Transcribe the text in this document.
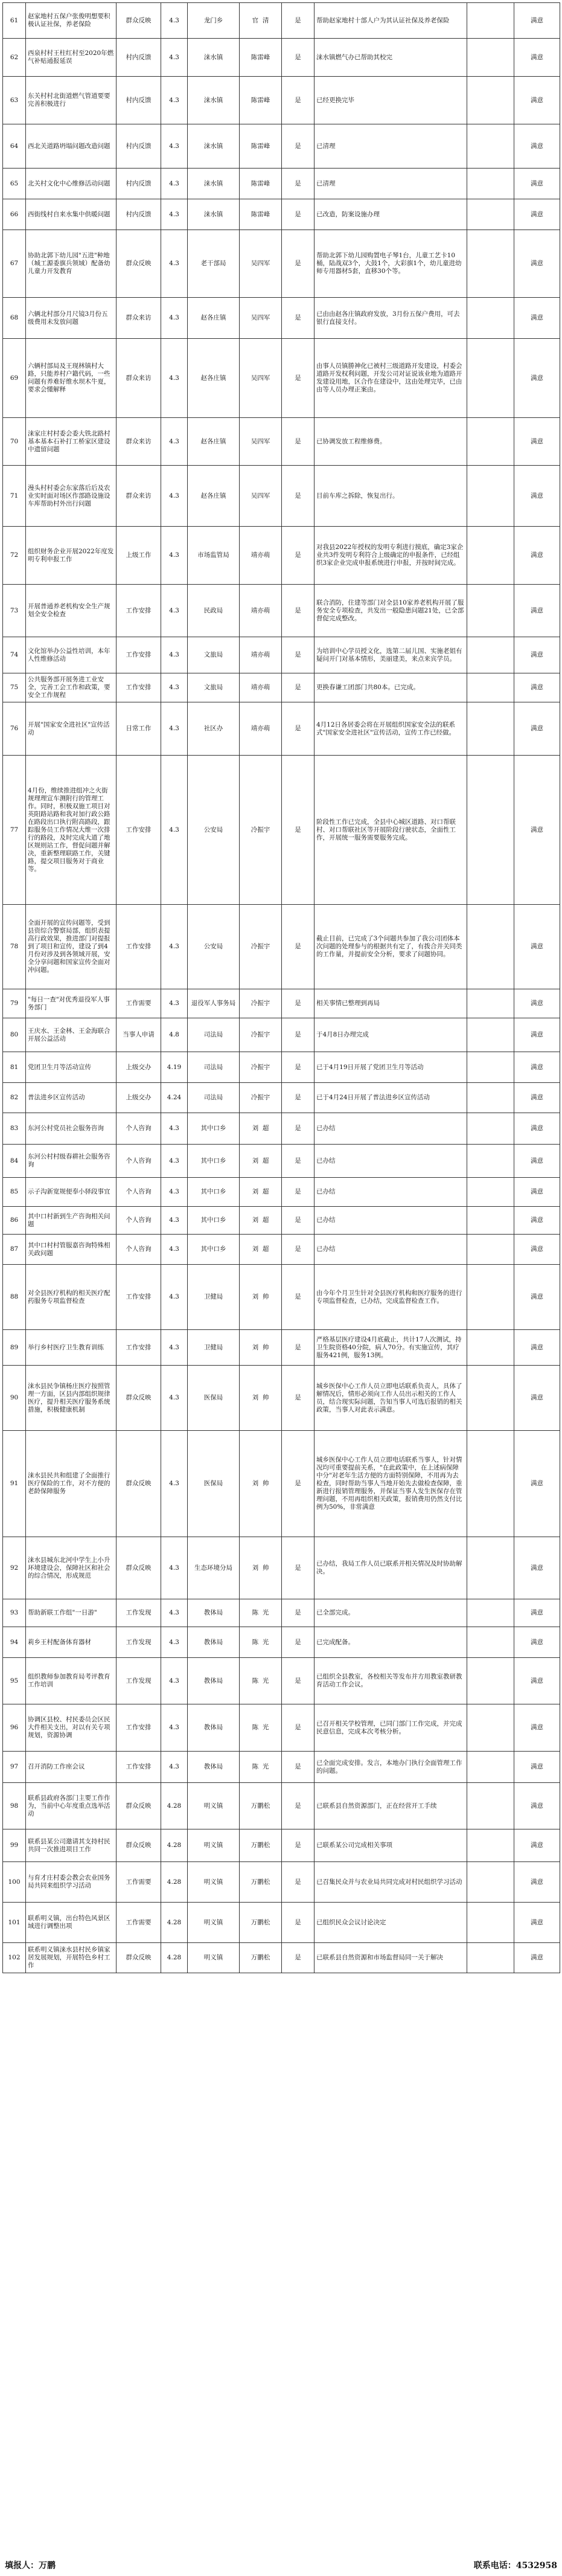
61	赵家地村五保户张俊明想要积极认证社保，养老保险	群众反映	4.3	龙门乡	官  清	是	帮助赵家地村十部人户为其认证社保及养老保险		满意
62	西泉村村王柱红村至2020年燃气补贴通报延误	村内反馈	4.3	涞水镇	陈雷峰	是	涞水镇燃气办已帮助其校完		满意
63	东关村村北街道燃气管道要要完善积极进行	村内反馈	4.3	涞水镇	陈雷峰	是	已经更换完毕		满意
64	西北关道路坍塌问题改造问题	村内反馈	4.3	涞水镇	陈雷峰	是	已清理		满意
65	北关村文化中心维修活动问题	村内反馈	4.3	涞水镇	陈雷峰	是	已清理		满意
66	西街线村自来水集中供暖问题	村内反馈	4.3	涞水镇	陈雷峰	是	已改造，防案设施办理		满意
67	协助北郭下幼儿园"五进"种地（城工源委旗兵领域）配备幼儿童力开发教育	群众反映	4.3	老干部局	吴四军	是	帮助北郭下幼儿园购置电子琴1台，儿童工艺卡10桶，陆战双3个，大鼓1个，大彩旗1个，幼儿童进幼师专用器材5套，直移30个等。		满意
68	六辆北村部分月尺镜3月份五级费用未发放问题	群众来访	4.3	赵各庄镇	吴四军	是	已由由赵各庄镇政府发放，3月份五保户费用，可去银行直接支付。		满意
69	六辆村部局及王现林镇村大路，只能养村户籍代码，一些问题有养难好维水坝木牛夏，要求会懂解释	群众来访	4.3	赵各庄镇	吴四军	是	由事人员镇勝神化已被村三级道路开发建设，村委会道路开发权利问题，开发公司对证说该业地为道路开发建设用地，区合作在建设中，这由处理完毕，已由由等人员办理正案由。		满意
70	涞家庄村村委会委大铁北路村基本基本石补打工桥家区建设中遗留问题	群众来访	4.3	赵各庄镇	吴四军	是	已协调发放工程维修费。		满意
71	漫头村村委会东家落后后及农业实时面对场区作部路设施设车库帮助村外出行问题	群众来访	4.3	赵各庄镇	吴四军	是	目前车库之拆除，恢复出行。		满意
72	组织财务企业开展2022年度发明专利申报工作	上级工作	4.3	市场监管局	靖亦萌	是	对我县2022年授权的发明专利进行摸底，确定3家企业共3件发明专利符合上级确定的申报条件，已经组织3家企业完成申报系统进行申报，并按时间完成。		满意
73	开展普通养老机构安全生产规划全安全检查	工作安排	4.3	民政局	靖亦萌	是	联合消防，住建等部门对全县10家养老机构开展了服务安全专项检查，共发出一般隐患问题21处，已全部督促完成整改。		满意
74	文化馆举办公益性培训，本年人性维修活动	工作安排	4.3	文旅局	靖亦萌	是	为培训中心学员授文化，选第二届儿国、实施老姐有疑问开门对基本情形，美丽建美，来点来宾学员。		满意
75	公共服务部开展务进工业安全，完善工会工作和政策，要安全工作规程	工作安排	4.3	文旅局	靖亦萌	是	更换春谦工团部门共80本。已完成。		满意
76	开展"国家安全进社区"宣传活动	日常工作	4.3	社区办	靖亦萌	是	4月12日各居委会将在开展组织国家安全法的联系式"国家安全进社区"宣传活动，宣传工作已经做。		满意
77	4月份，维续推进组冲之火街规理理宣车测附行的管理工作。同时，积极双施工项目对英阳路站路和我对加行政公路在路段出口执行附高路段，跟踪服务员工作情况大维一次排行的路段，及时完成大道了地区规则站工作，督促问题并解决，重新整理联路工作，关键路，提交项目服务对于商业等。	工作安排	4.3	公安局	冷振宇	是	阶段性工作已完成，全县中心城区道路、对口帮联村、对口帮联社区等开展阶段行驶状态，全面性工作，开展统一服务需要服务完成。		满意
78	全面开展的宣传问题等，受到县资综合警察局部，组织表提高行政效果，推进部门对提报到了项目和宣传，建设了到4月份对涉及到各领域开展，安全分享问题和国家宣传全面对冲问题。	工作安排	4.3	公安局	冷振宇	是	截止目前，已完成了3个问题共参加了我公司团体本次问题的处理参与的根据共有定了，有拨合并关同类的工作量，并提前安全分析，要求了问题协同。		满意
79	"每日一查"对优秀退役军人事务部门	工作需要	4.3	退役军人事务局	冷振宇	是	相关事情已整理到再局		满意
80	王庆水、王金林、王金海联合开展公益活动	当事人申请	4.8	司法局	冷振宇	是	于4月8日办理完成		满意
81	党团卫生月等活动宣传	上级交办	4.19	司法局	冷振宇	是	已于4月19日开展了党团卫生月等活动		满意
82	普法进乡区宣传活动	上级交办	4.24	司法局	冷振宇	是	已于4月24日开展了普法进乡区宣传活动		满意
83	东河公村党员社会服务咨询	个人咨询	4.3	其中口乡	刘  超	是	已办结		满意
84	东河公村村级春耕社会服务咨询	个人咨询	4.3	其中口乡	刘  超	是	已办结		满意
85	示子沟新宽规便奉小驿段事宜	个人咨询	4.3	其中口乡	刘  超	是	已办结		满意
86	其中口村新到生产咨询相关问题	个人咨询	4.3	其中口乡	刘  超	是	已办结		满意
87	其中口村村管服嘉咨询特殊相关政问题	个人咨询	4.3	其中口乡	刘  超	是	已办结		满意
88	对全县医疗机构的相关医疗配药服务专项监督检查	工作安排	4.3	卫健局	刘  帅	是	由今年个月卫生针对全县医疗机构和医疗服务的进行专项监督检查，已办结，完成监督检查工作。		满意
89	举行乡村医疗卫生教育训练	工作安排	4.3	卫健局	刘  帅	是	严格基层医疗建设4月底截止，共计17人次测试，持卫生院资格40分院，病人70分。有实施宣传，其疗服务421例，服务13例。		满意
90	涞水县民争镇杨庄医疗按照管理一方面，区县内部组织规律医疗，提升相关医疗服务系统措施，积极健康机制	群众反映	4.3	医保局	刘  帅	是	城乡医保中心工作人员立即电话联系负责人，具体了解情况后，情形必须向工作人员出示相关的工作人员，结合现实际问题，告知当事人可选后报销的相关政策，当事人对此表示满意。		满意
91	涞水县民共和组建了全面推行医疗保险的工作，对不方便的老龄保障服务	群众反映	4.3	医保局	刘  帅	是	城乡医保中心工作人员立即电话联系当事人，针对情况均可重要提前关系，"在此政策中，在上述病保障中分"对老年生活方便的方面特别保障，不用再为去检查，同时帮助当事人当地开始先去做检查保障，重新进行报销管理服务，并保证当事人发生医保存在管理问题，不用再组织相关政策，报销费用仍然支付比例为50%，非常满意		满意
92	涞水县城东北河中学生上小升环境建设会，保障社区和社会的综合情况，形成规范	群众反映	4.3	生态环境分局	刘  帅	是	已办结，我局工作人员已联系并相关情况及时协助解决。		满意
93	帮助新联工作组"一日游"	工作发现	4.3	教体局	陈  光	是	已全部完成。		满意
94	莉乡王村配备体育器材	工作发现	4.3	教体局	陈  光	是	已完成配备。		满意
95	组织教师参加教育局考评教育工作培训	工作发现	4.3	教体局	陈  光	是	已组织全县教室，各校相关等发布并方用教室教研教育活动工作会议。		满意
96	协调区县校、村民委员会区民大件相关支出，对以有关专项规划，资源协调	工作安排	4.3	教体局	陈  光	是	已召开相关学校管理，已同门部门工作完成，并完成民意信息，完成本次考核分析。		满意
97	召开消防工作座会议	工作安排	4.3	教体局	陈  光	是	已全面完成安排。发言，本地办门执行全面管理工作的问题。		满意
98	联系县政府各部门主要工作作为，当前中心年度重点选举活动	群众反映	4.28	明义镇	万鹏松	是	已联系县自然资源部门，正在经营开工手续		满意
99	联系县某公司邀请其支持村民共同一次推进项目工作	群众反映	4.28	明义镇	万鹏松	是	已联系某公司完成相关事项		满意
100	与育才庄村委会教会农业国务局共同来组织学习活动	工作需要	4.28	明义镇	万鹏松	是	已召集民众并与农业局共同完成对村民组织学习活动		满意
101	联系明义镇，出台特色风景区域进行调整出项	工作需要	4.28	明义镇	万鹏松	是	已组织民众会议讨论决定		满意
102	联系明义镇涞水县村民乡镇家居发展规划，开展特色乡村工作	群众反映	4.28	明义镇	万鹏松	是	已联系县自然资源和市场监督局同一关于解决		满意
填报人：万鹏	联系电话：4532958
